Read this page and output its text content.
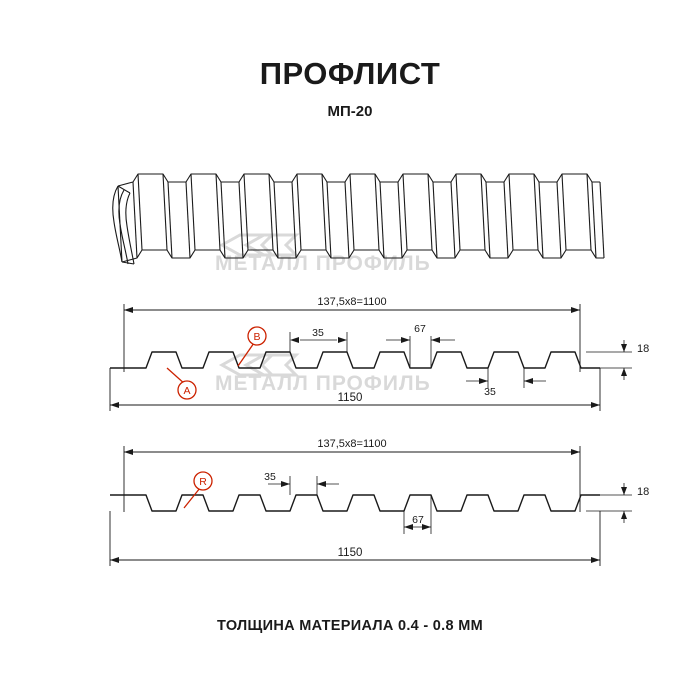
ПРОФЛИСТ
МП-20
МЕТАЛЛ ПРОФИЛЬ
МЕТАЛЛ ПРОФИЛЬ
137,5х8=1100
18
35	67
35
1150
A
B
137,5х8=1100
18
35
67
1150
R
ТОЛЩИНА МАТЕРИАЛА 0.4 - 0.8 ММ
